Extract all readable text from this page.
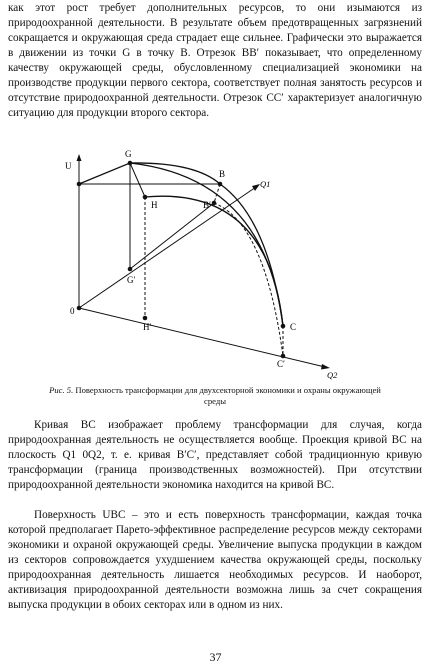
как этот рост требует дополнительных ресурсов, то они изымаются из природоохранной деятельности. В результате объем предотвращенных загрязнений сокращается и окружающая среда страдает еще сильнее. Графически это выражается в движении из точки G в точку B. Отрезок BB′ показывает, что определенному качеству окружающей среды, обусловленному специализацией экономики на производстве продукции первого сектора, соответствует полная занятость ресурсов и отсутствие природоохранной деятельности. Отрезок CC′ характеризует аналогичную ситуацию для продукции второго сектора.

U
G
B
Q1
H	B′
G′
0
H′	C
C′
Q2
Рис. 5. Поверхность трансформации для двухсекторной экономики и охраны окружающей среды

Кривая BC изображает проблему трансформации для случая, когда природоохранная деятельность не осуществляется вообще. Проекция кривой BC на плоскость Q1 0Q2, т. е. кривая B′C′, представляет собой традиционную кривую трансформации (граница производственных возможностей). При отсутствии природоохранной деятельности экономика находится на кривой BC.

Поверхность UBC – это и есть поверхность трансформации, каждая точка которой предполагает Парето-эффективное распределение ресурсов между секторами экономики и охраной окружающей среды. Увеличение выпуска продукции в каждом из секторов сопровождается ухудшением качества окружающей среды, поскольку природоохранная деятельность лишается необходимых ресурсов. И наоборот, активизация природоохранной деятельности возможна лишь за счет сокращения выпуска продукции в обоих секторах или в одном из них.

37
